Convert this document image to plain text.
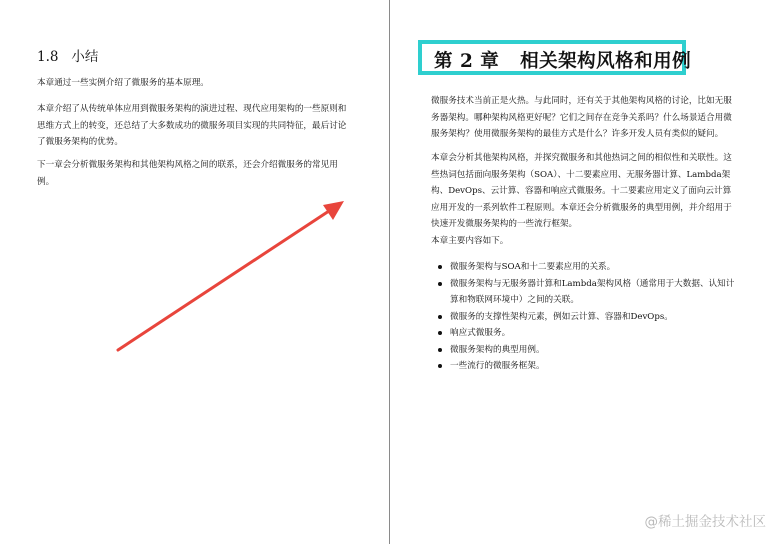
1.8   小结

本章通过一些实例介绍了微服务的基本原理。

本章介绍了从传统单体应用到微服务架构的演进过程、现代应用架构的一些原则和思维方式上的转变，还总结了大多数成功的微服务项目实现的共同特征，最后讨论了微服务架构的优势。

下一章会分析微服务架构和其他架构风格之间的联系，还会介绍微服务的常见用例。

第 2 章   相关架构风格和用例

微服务技术当前正是火热。与此同时，还有关于其他架构风格的讨论，比如无服务器架构。哪种架构风格更好呢？它们之间存在竞争关系吗？什么场景适合用微服务架构？使用微服务架构的最佳方式是什么？许多开发人员有类似的疑问。

本章会分析其他架构风格，并探究微服务和其他热词之间的相似性和关联性。这些热词包括面向服务架构（SOA）、十二要素应用、无服务器计算、Lambda架构、DevOps、云计算、容器和响应式微服务。十二要素应用定义了面向云计算应用开发的一系列软件工程原则。本章还会分析微服务的典型用例，并介绍用于快速开发微服务架构的一些流行框架。

本章主要内容如下。

微服务架构与SOA和十二要素应用的关系。
微服务架构与无服务器计算和Lambda架构风格（通常用于大数据、认知计算和物联网环境中）之间的关联。
微服务的支撑性架构元素，例如云计算、容器和DevOps。
响应式微服务。
微服务架构的典型用例。
一些流行的微服务框架。
@稀土掘金技术社区
